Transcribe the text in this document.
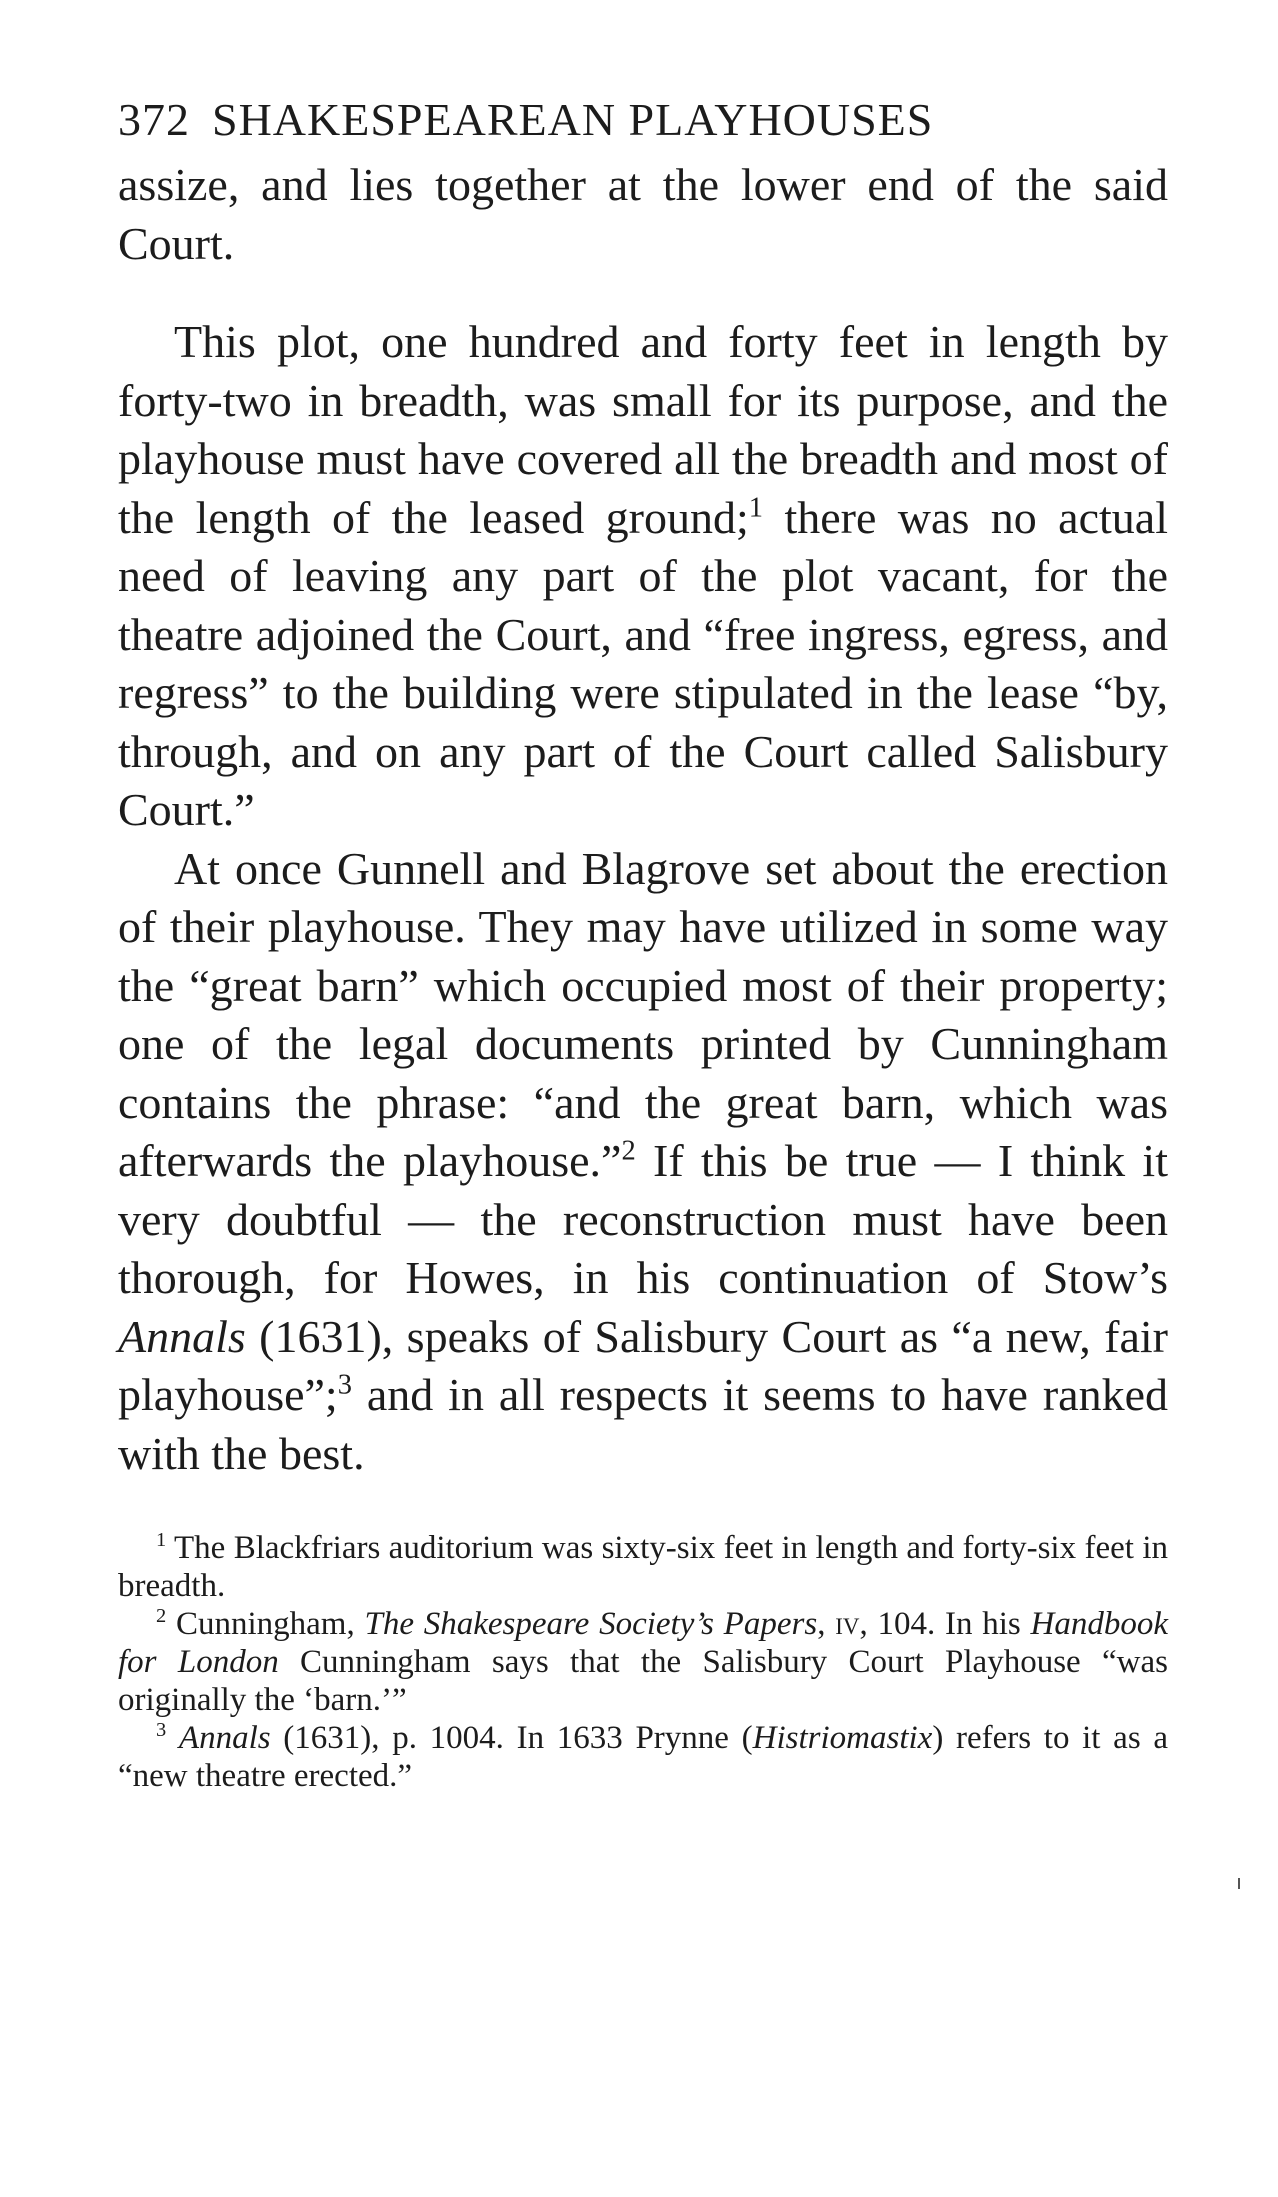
372 SHAKESPEAREAN PLAYHOUSES

assize, and lies together at the lower end of the said Court.

This plot, one hundred and forty feet in length by forty-two in breadth, was small for its purpose, and the playhouse must have covered all the breadth and most of the length of the leased ground;$^1$ there was no actual need of leaving any part of the plot vacant, for the theatre adjoined the Court, and “free ingress, egress, and regress” to the building were stipulated in the lease “by, through, and on any part of the Court called Salisbury Court.”

At once Gunnell and Blagrove set about the erection of their playhouse. They may have utilized in some way the “great barn” which occupied most of their property; one of the legal documents printed by Cunningham contains the phrase: “and the great barn, which was afterwards the playhouse.”$^2$ If this be true — I think it very doubtful — the reconstruction must have been thorough, for Howes, in his continuation of Stow’s Annals (1631), speaks of Salisbury Court as “a new, fair playhouse”;$^3$ and in all respects it seems to have ranked with the best.

$^1$ The Blackfriars auditorium was sixty-six feet in length and forty-six feet in breadth.

$^2$ Cunningham, The Shakespeare Society’s Papers, iv, 104. In his Handbook for London Cunningham says that the Salisbury Court Playhouse “was originally the ‘barn.’”

$^3$ Annals (1631), p. 1004. In 1633 Prynne (Histriomastix) refers to it as a “new theatre erected.”
